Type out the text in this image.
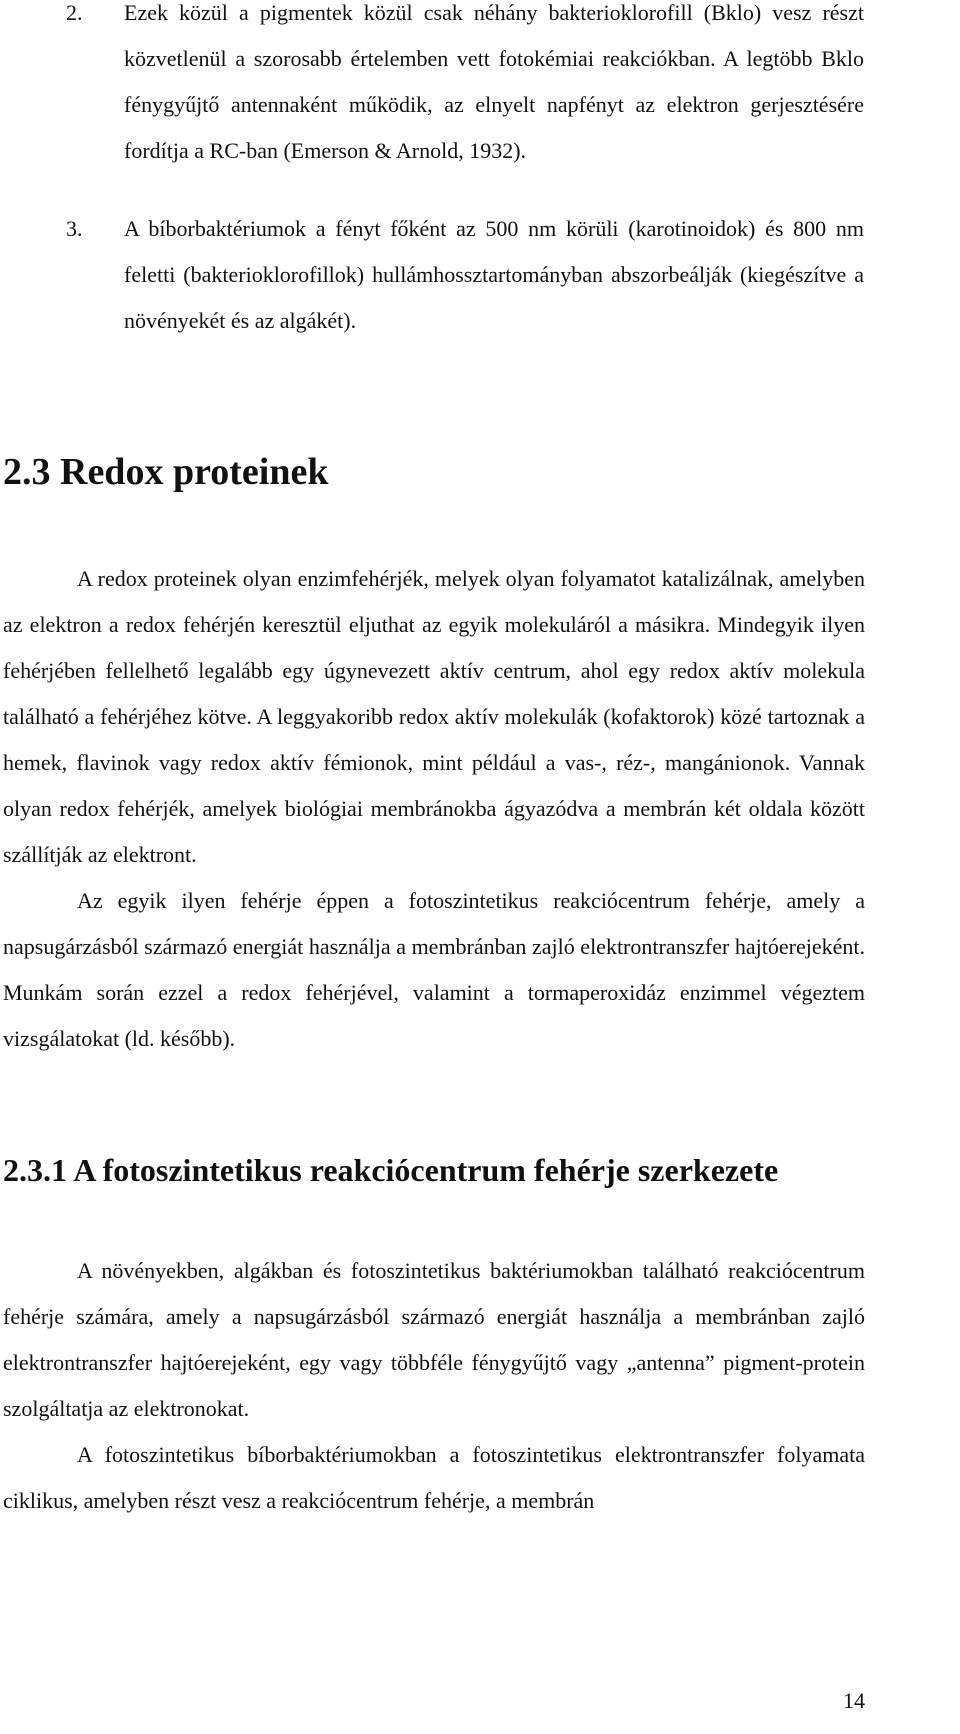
2. Ezek közül a pigmentek közül csak néhány bakterioklorofill (Bklo) vesz részt közvetlenül a szorosabb értelemben vett fotokémiai reakciókban. A legtöbb Bklo fénygyűjtő antennaként működik, az elnyelt napfényt az elektron gerjesztésére fordítja a RC-ban (Emerson & Arnold, 1932).
3. A bíborbaktériumok a fényt főként az 500 nm körüli (karotinoidok) és 800 nm feletti (bakterioklorofillok) hullámhossztartományban abszorbeálják (kiegészítve a növényekét és az algákét).
2.3 Redox proteinek

A redox proteinek olyan enzimfehérjék, melyek olyan folyamatot katalizálnak, amelyben az elektron a redox fehérjén keresztül eljuthat az egyik molekuláról a másikra. Mindegyik ilyen fehérjében fellelhető legalább egy úgynevezett aktív centrum, ahol egy redox aktív molekula található a fehérjéhez kötve. A leggyakoribb redox aktív molekulák (kofaktorok) közé tartoznak a hemek, flavinok vagy redox aktív fémionok, mint például a vas-, réz-, mangánionok. Vannak olyan redox fehérjék, amelyek biológiai membránokba ágyazódva a membrán két oldala között szállítják az elektront.

Az egyik ilyen fehérje éppen a fotoszintetikus reakciócentrum fehérje, amely a napsugárzásból származó energiát használja a membránban zajló elektrontranszfer hajtóerejeként. Munkám során ezzel a redox fehérjével, valamint a tormaperoxidáz enzimmel végeztem vizsgálatokat (ld. később).

2.3.1 A fotoszintetikus reakciócentrum fehérje szerkezete

A növényekben, algákban és fotoszintetikus baktériumokban található reakciócentrum fehérje számára, amely a napsugárzásból származó energiát használja a membránban zajló elektrontranszfer hajtóerejeként, egy vagy többféle fénygyűjtő vagy „antenna” pigment-protein szolgáltatja az elektronokat.

A fotoszintetikus bíborbaktériumokban a fotoszintetikus elektrontranszfer folyamata ciklikus, amelyben részt vesz a reakciócentrum fehérje, a membrán

14
